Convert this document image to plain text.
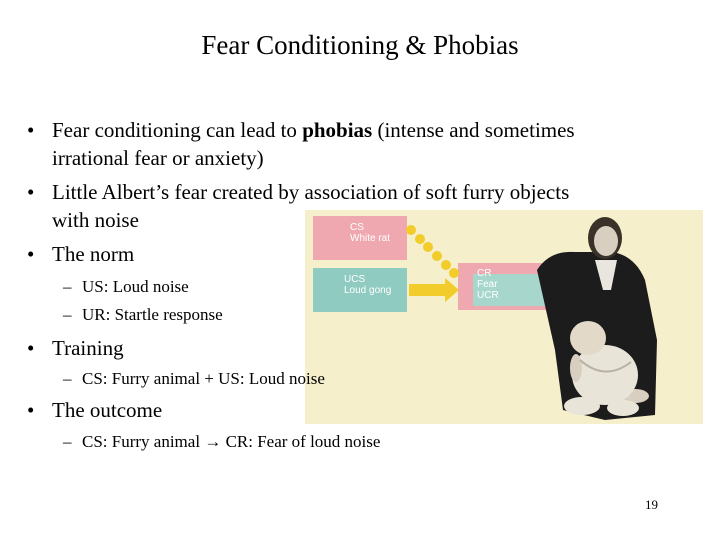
Fear Conditioning & Phobias
CS
White rat
UCS
Loud gong
CR
Fear
UCR
• Fear conditioning can lead to phobias (intense and sometimes
irrational fear or anxiety)
• Little Albert’s fear created by association of soft furry objects
with noise
• The norm
– US: Loud noise
– UR: Startle response
• Training
– CS: Furry animal + US: Loud noise
• The outcome
– CS: Furry animal → CR: Fear of loud noise
19
